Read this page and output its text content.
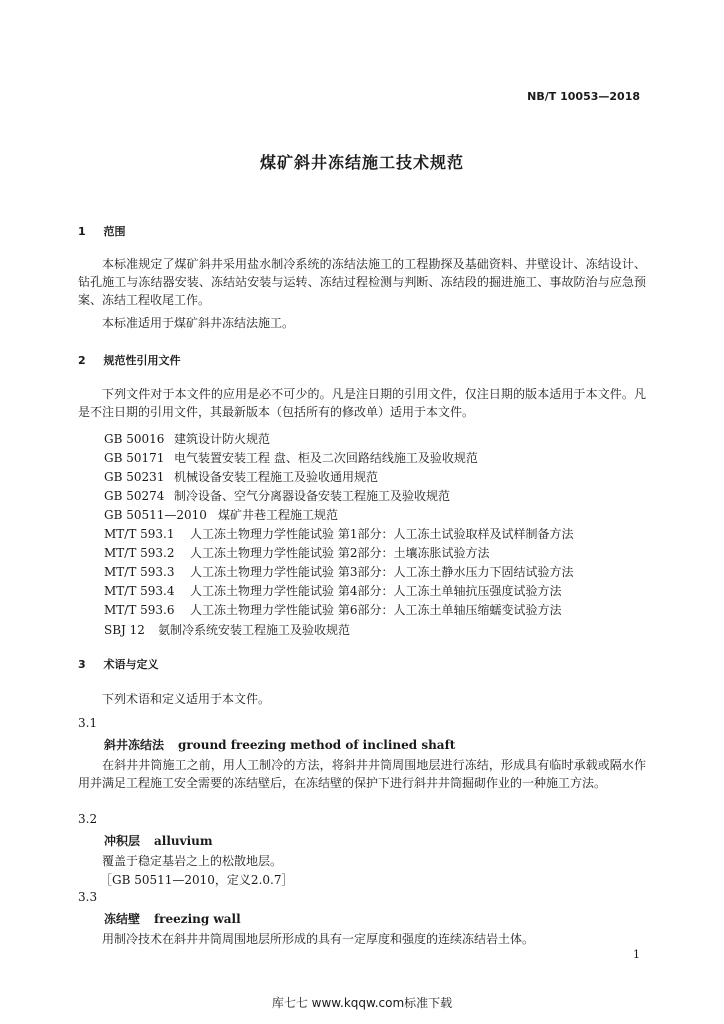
NB/T 10053—2018
煤矿斜井冻结施工技术规范
1 范围
本标准规定了煤矿斜井采用盐水制冷系统的冻结法施工的工程勘探及基础资料、井壁设计、冻结设计、钻孔施工与冻结器安装、冻结站安装与运转、冻结过程检测与判断、冻结段的掘进施工、事故防治与应急预案、冻结工程收尾工作。
本标准适用于煤矿斜井冻结法施工。
2 规范性引用文件
下列文件对于本文件的应用是必不可少的。凡是注日期的引用文件，仅注日期的版本适用于本文件。凡是不注日期的引用文件，其最新版本（包括所有的修改单）适用于本文件。
GB 50016 建筑设计防火规范
GB 50171 电气装置安装工程 盘、柜及二次回路结线施工及验收规范
GB 50231 机械设备安装工程施工及验收通用规范
GB 50274 制冷设备、空气分离器设备安装工程施工及验收规范
GB 50511—2010 煤矿井巷工程施工规范
MT/T 593.1 人工冻土物理力学性能试验 第1部分：人工冻土试验取样及试样制备方法
MT/T 593.2 人工冻土物理力学性能试验 第2部分：土壤冻胀试验方法
MT/T 593.3 人工冻土物理力学性能试验 第3部分：人工冻土静水压力下固结试验方法
MT/T 593.4 人工冻土物理力学性能试验 第4部分：人工冻土单轴抗压强度试验方法
MT/T 593.6 人工冻土物理力学性能试验 第6部分：人工冻土单轴压缩蠕变试验方法
SBJ 12 氨制冷系统安装工程施工及验收规范
3 术语与定义
下列术语和定义适用于本文件。
3.1
斜井冻结法 ground freezing method of inclined shaft
在斜井井筒施工之前，用人工制冷的方法，将斜井井筒周围地层进行冻结，形成具有临时承载或隔水作用并满足工程施工安全需要的冻结壁后，在冻结壁的保护下进行斜井井筒掘砌作业的一种施工方法。
3.2
冲积层 alluvium
覆盖于稳定基岩之上的松散地层。
［GB 50511—2010，定义2.0.7］
3.3
冻结壁 freezing wall
用制冷技术在斜井井筒周围地层所形成的具有一定厚度和强度的连续冻结岩土体。
1
库七七 www.kqqw.com标准下载
